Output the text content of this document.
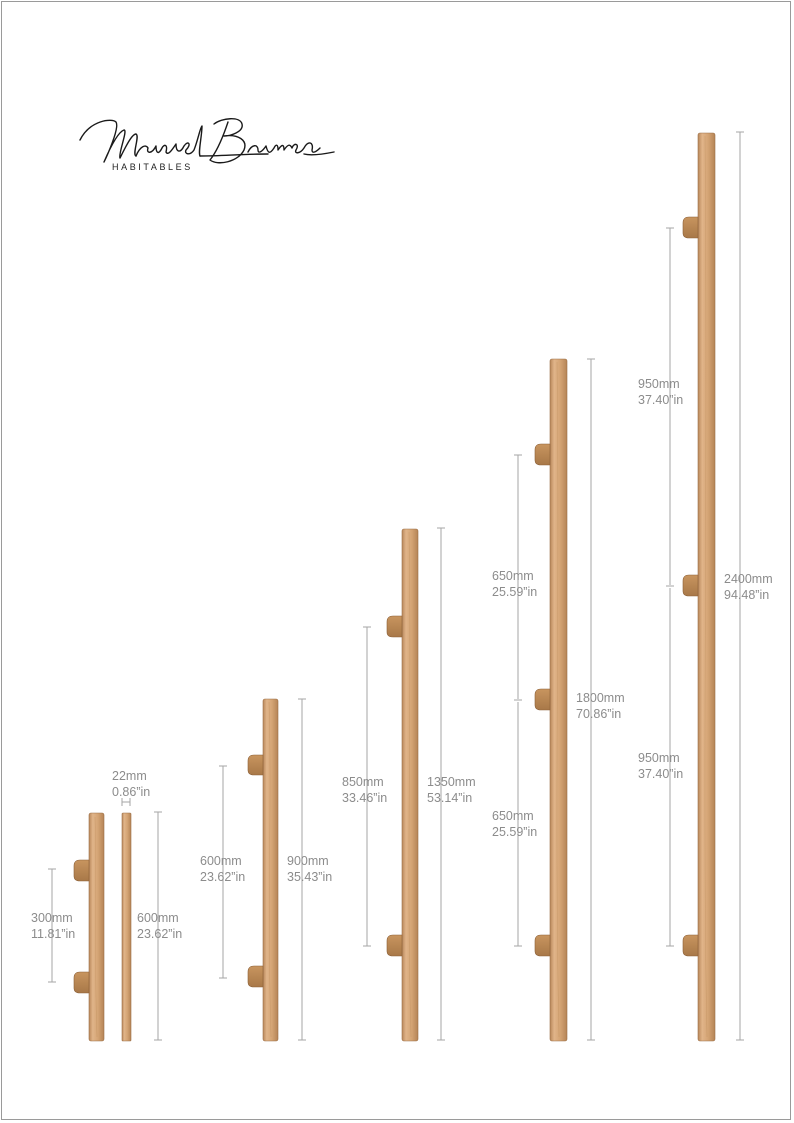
HABITABLES
22mm
0.86”in
300mm
11.81”in
600mm
23.62”in
600mm
23.62”in
900mm
35.43”in
850mm
33.46”in
1350mm
53.14”in
650mm
25.59”in
650mm
25.59”in
1800mm
70.86”in
950mm
37.40”in
950mm
37.40”in
2400mm
94.48”in
